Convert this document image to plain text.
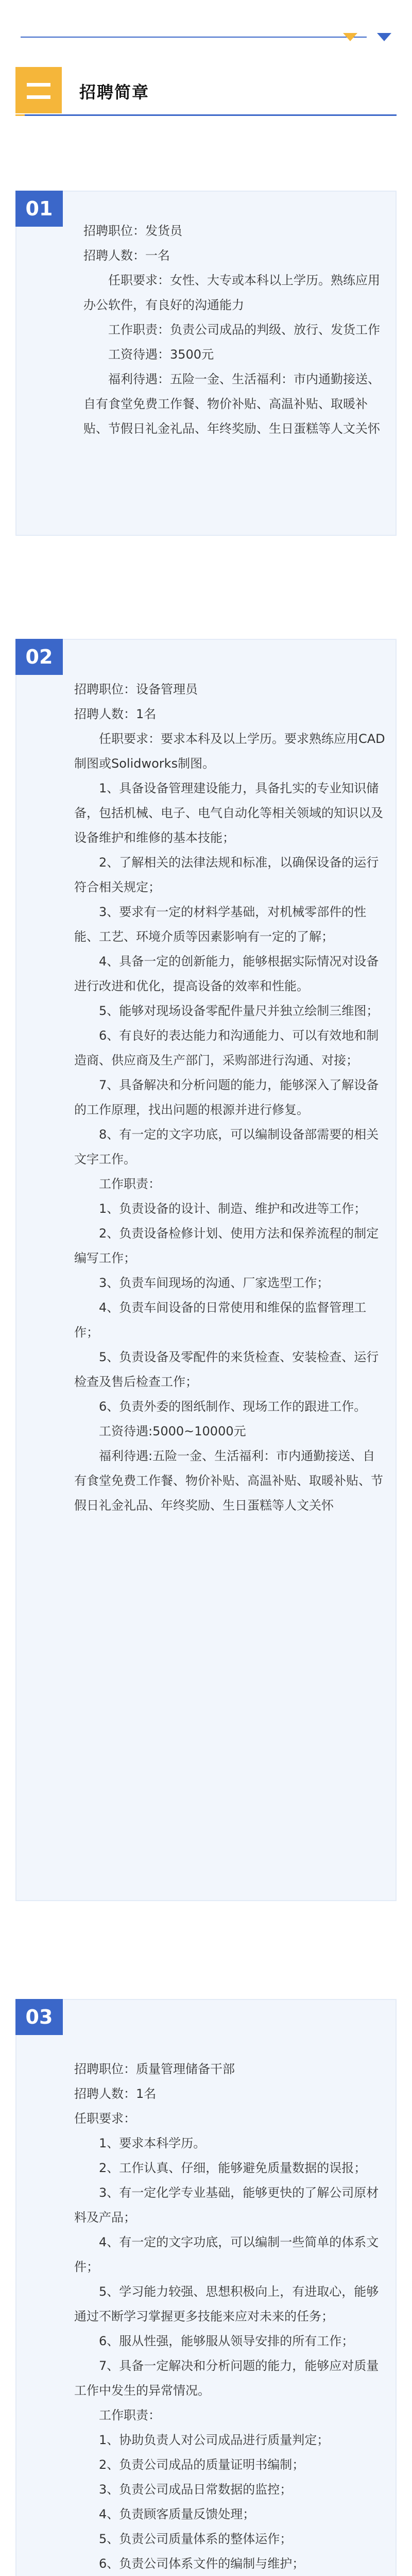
招聘简章
01

招聘职位：发货员

招聘人数：一名

任职要求：女性、大专或本科以上学历。熟练应用办公软件，有良好的沟通能力

工作职责：负责公司成品的判级、放行、发货工作

工资待遇：3500元

福利待遇：五险一金、生活福利：市内通勤接送、自有食堂免费工作餐、物价补贴、高温补贴、取暖补贴、节假日礼金礼品、年终奖励、生日蛋糕等人文关怀

02

招聘职位：设备管理员

招聘人数：1名

任职要求：要求本科及以上学历。要求熟练应用CAD制图或Solidworks制图。

1、具备设备管理建设能力，具备扎实的专业知识储备，包括机械、电子、电气自动化等相关领域的知识以及设备维护和维修的基本技能；

2、了解相关的法律法规和标准，以确保设备的运行符合相关规定；

3、要求有一定的材料学基础，对机械零部件的性能、工艺、环境介质等因素影响有一定的了解；

4、具备一定的创新能力，能够根据实际情况对设备进行改进和优化，提高设备的效率和性能。

5、能够对现场设备零配件量尺并独立绘制三维图；

6、有良好的表达能力和沟通能力、可以有效地和制造商、供应商及生产部门，采购部进行沟通、对接；

7、具备解决和分析问题的能力，能够深入了解设备的工作原理，找出问题的根源并进行修复。

8、有一定的文字功底，可以编制设备部需要的相关文字工作。

工作职责：

1、负责设备的设计、制造、维护和改进等工作；

2、负责设备检修计划、使用方法和保养流程的制定编写工作；

3、负责车间现场的沟通、厂家选型工作；

4、负责车间设备的日常使用和维保的监督管理工作；

5、负责设备及零配件的来货检查、安装检查、运行检查及售后检查工作；

6、负责外委的图纸制作、现场工作的跟进工作。

工资待遇:5000~10000元

福利待遇:五险一金、生活福利：市内通勤接送、自有食堂免费工作餐、物价补贴、高温补贴、取暖补贴、节假日礼金礼品、年终奖励、生日蛋糕等人文关怀

03

招聘职位：质量管理储备干部

招聘人数：1名

任职要求：

1、要求本科学历。

2、工作认真、仔细，能够避免质量数据的误报；

3、有一定化学专业基础，能够更快的了解公司原材料及产品；

4、有一定的文字功底，可以编制一些简单的体系文件；

5、学习能力较强、思想积极向上，有进取心，能够通过不断学习掌握更多技能来应对未来的任务；

6、服从性强，能够服从领导安排的所有工作；

7、具备一定解决和分析问题的能力，能够应对质量工作中发生的异常情况。

工作职责：

1、协助负责人对公司成品进行质量判定；

2、负责公司成品的质量证明书编制；

3、负责公司成品日常数据的监控；

4、负责顾客质量反馈处理；

5、负责公司质量体系的整体运作；

6、负责公司体系文件的编制与维护；
